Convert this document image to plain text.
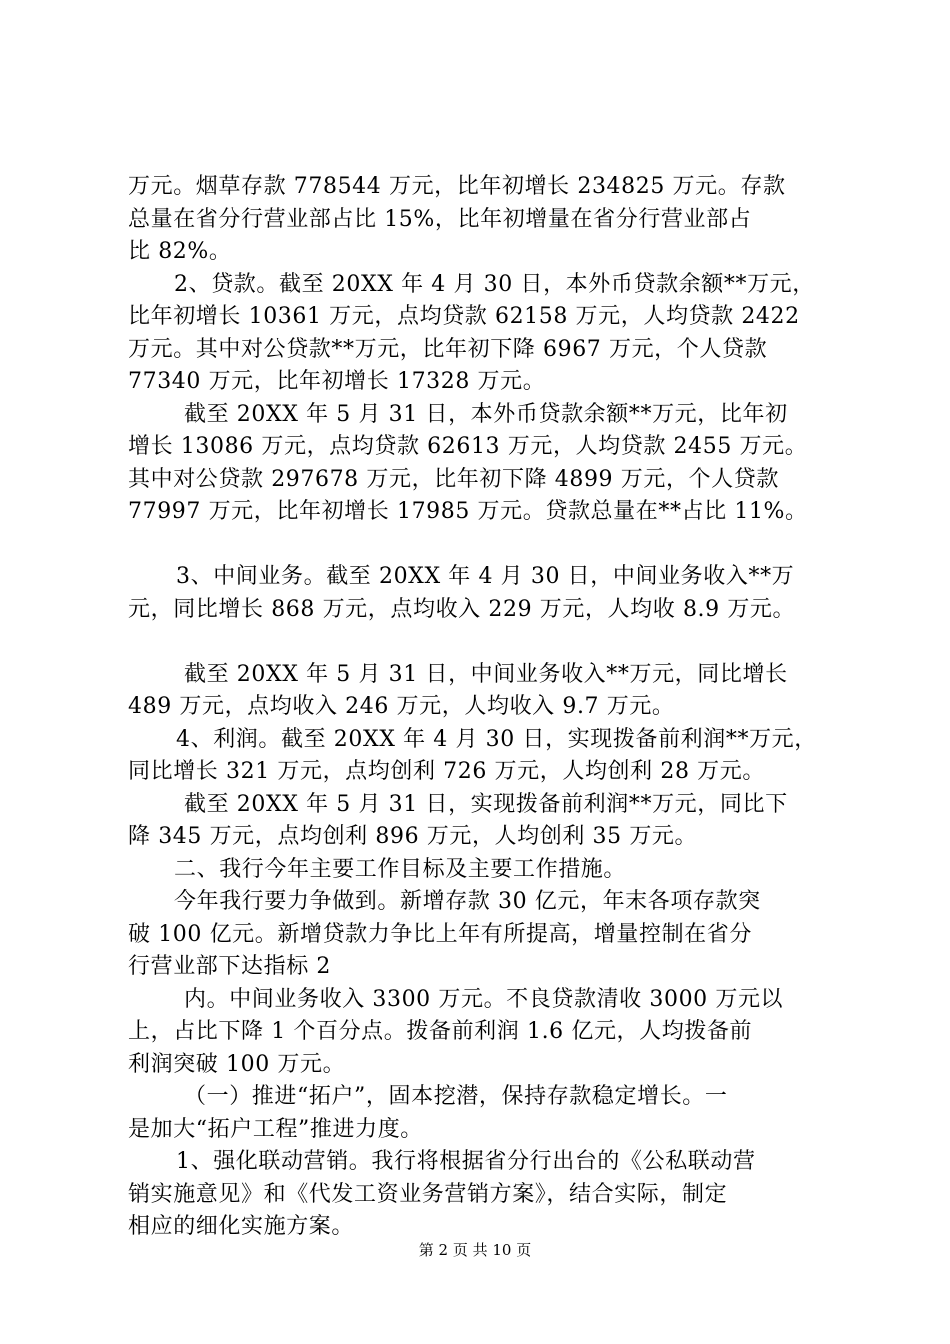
万元。烟草存款 778544 万元，比年初增长 234825 万元。存款

总量在省分行营业部占比 15%，比年初增量在省分行营业部占

比 82%。

2、贷款。截至 20XX 年 4 月 30 日，本外币贷款余额**万元，

比年初增长 10361 万元，点均贷款 62158 万元，人均贷款 2422

万元。其中对公贷款**万元，比年初下降 6967 万元，个人贷款

77340 万元，比年初增长 17328 万元。

截至 20XX 年 5 月 31 日，本外币贷款余额**万元，比年初

增长 13086 万元，点均贷款 62613 万元，人均贷款 2455 万元。

其中对公贷款 297678 万元，比年初下降 4899 万元，个人贷款

77997 万元，比年初增长 17985 万元。贷款总量在**占比 11%。

3、中间业务。截至 20XX 年 4 月 30 日，中间业务收入**万

元，同比增长 868 万元，点均收入 229 万元，人均收 8.9 万元。

截至 20XX 年 5 月 31 日，中间业务收入**万元，同比增长

489 万元，点均收入 246 万元，人均收入 9.7 万元。

4、利润。截至 20XX 年 4 月 30 日，实现拨备前利润**万元，

同比增长 321 万元，点均创利 726 万元，人均创利 28 万元。

截至 20XX 年 5 月 31 日，实现拨备前利润**万元，同比下

降 345 万元，点均创利 896 万元，人均创利 35 万元。

二、我行今年主要工作目标及主要工作措施。

今年我行要力争做到。新增存款 30 亿元，年末各项存款突

破 100 亿元。新增贷款力争比上年有所提高，增量控制在省分

行营业部下达指标 2

内。中间业务收入 3300 万元。不良贷款清收 3000 万元以

上，占比下降 1 个百分点。拨备前利润 1.6 亿元，人均拨备前

利润突破 100 万元。

（一）推进“拓户”，固本挖潜，保持存款稳定增长。一

是加大“拓户工程”推进力度。

1、强化联动营销。我行将根据省分行出台的《公私联动营

销实施意见》和《代发工资业务营销方案》，结合实际，制定

相应的细化实施方案。

第 2 页 共 10 页
